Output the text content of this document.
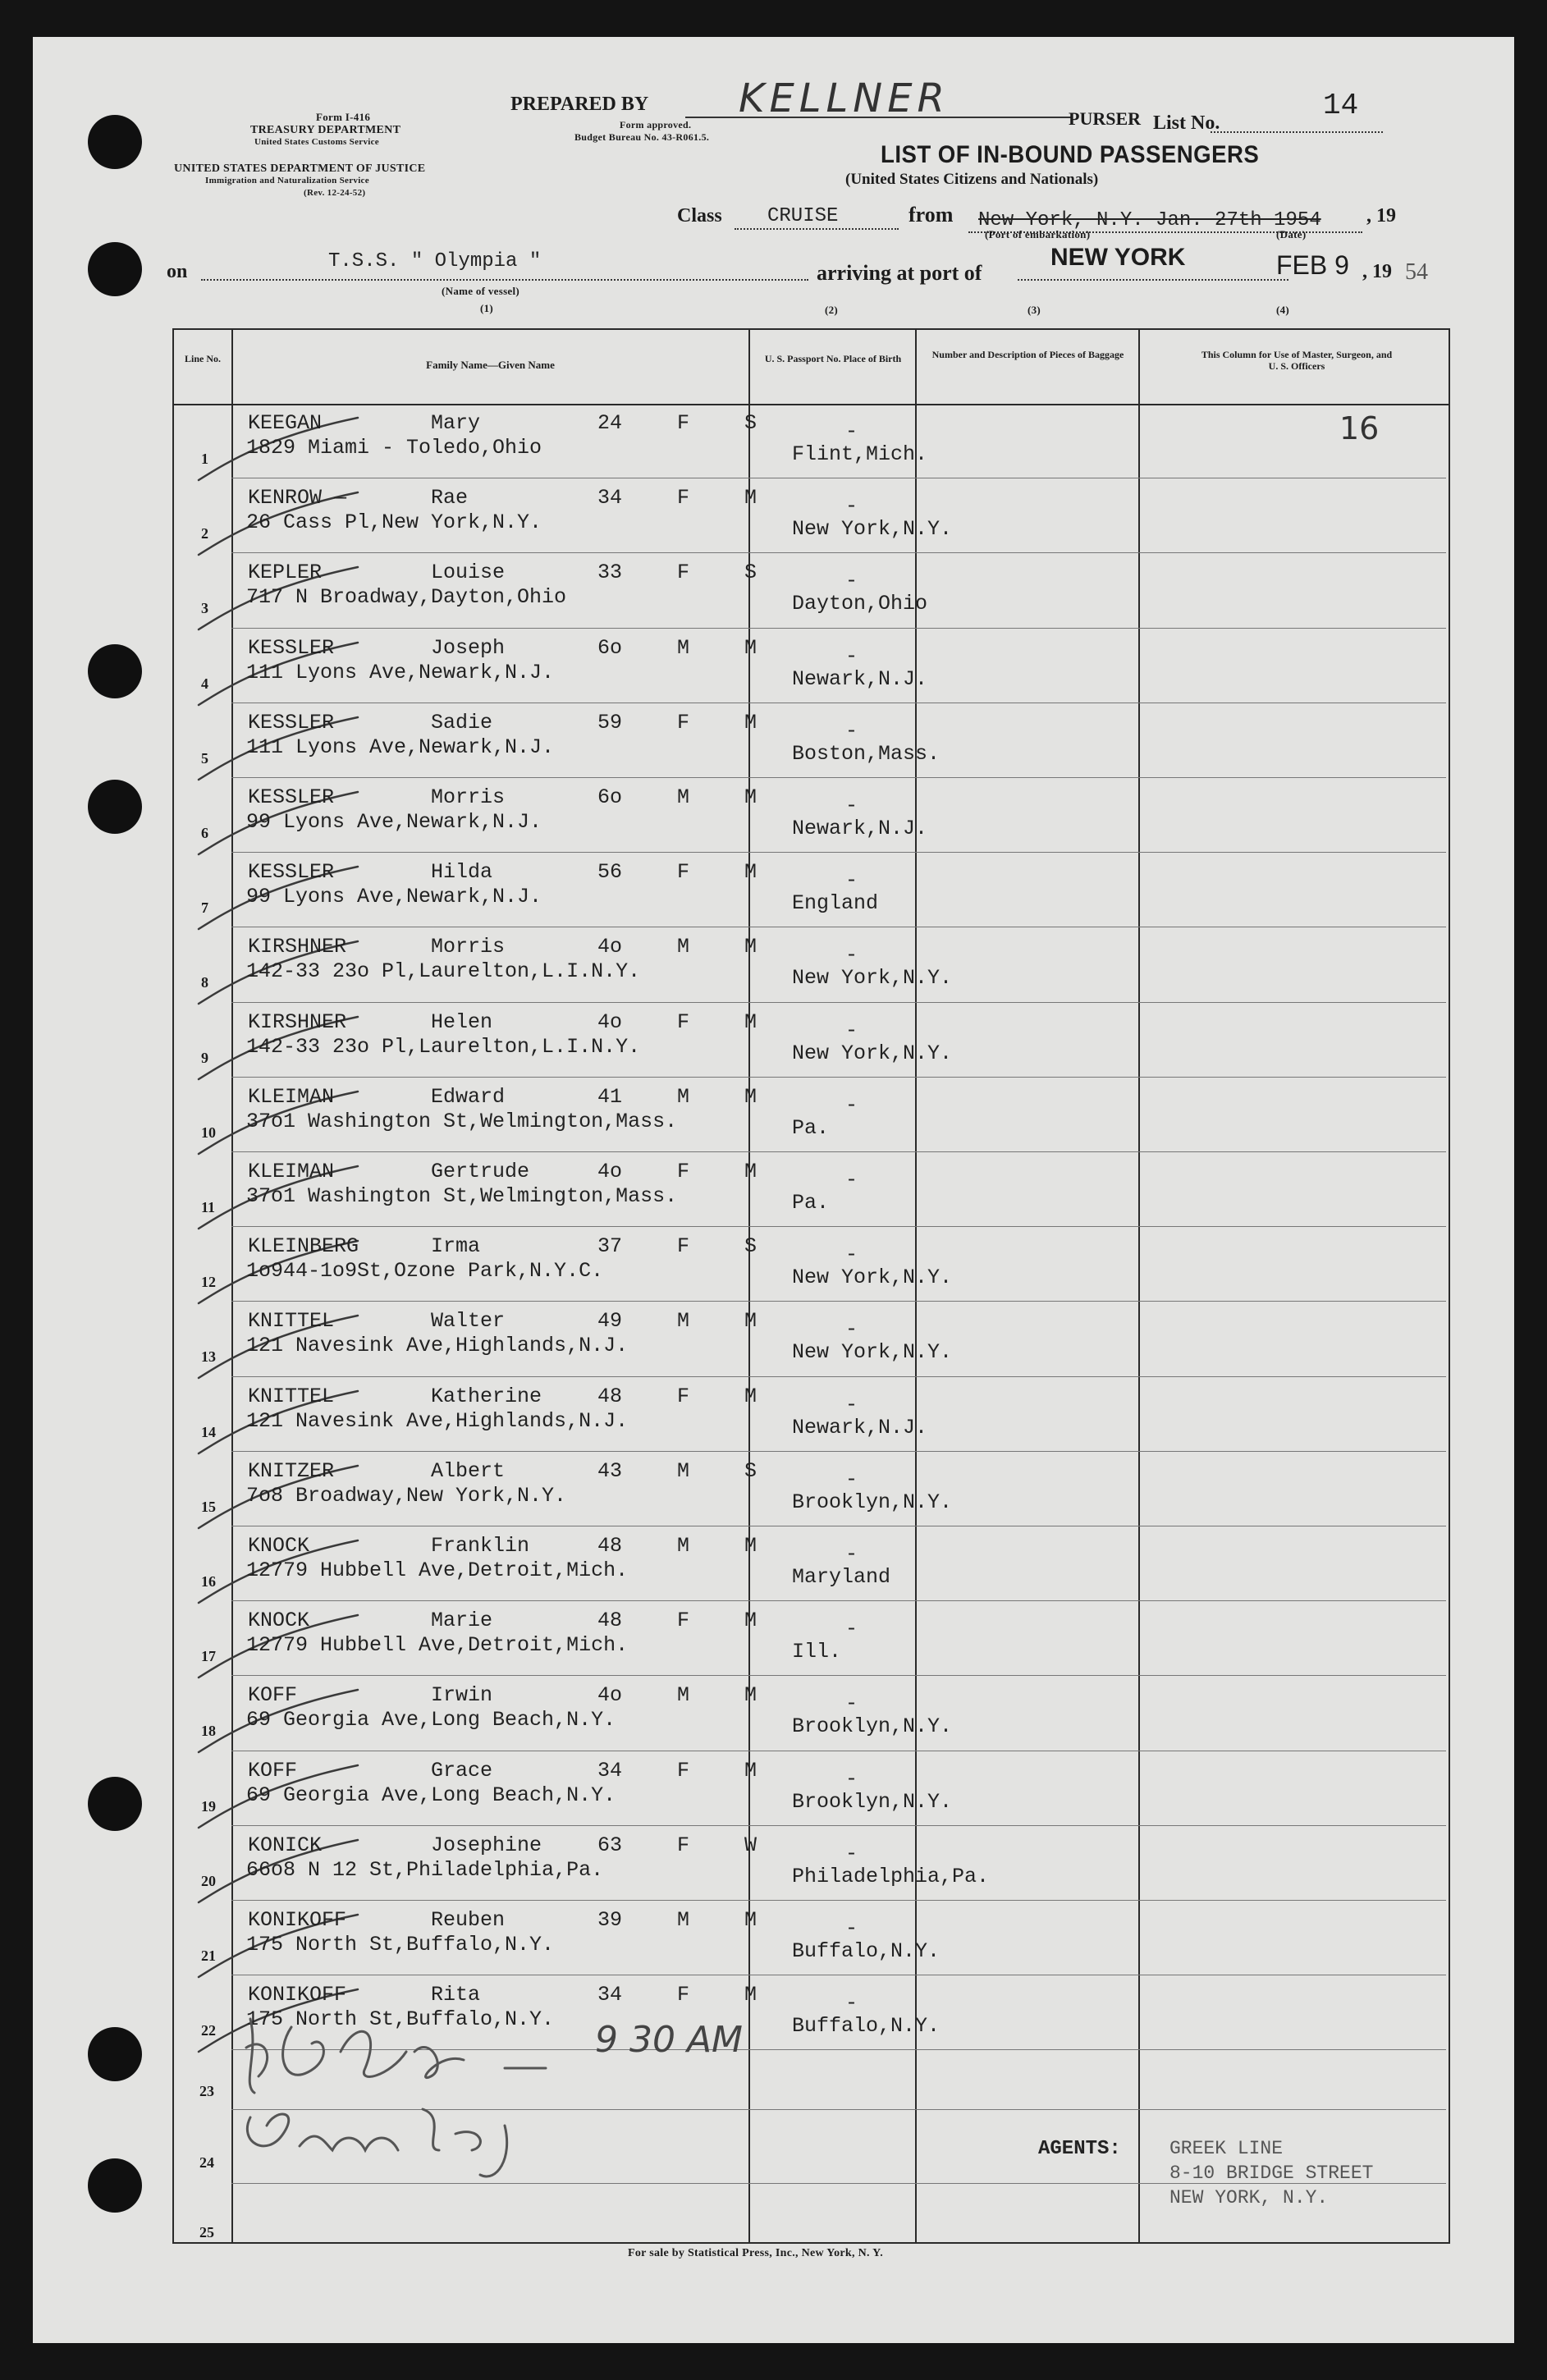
Form I-416
TREASURY DEPARTMENT
United States Customs Service
UNITED STATES DEPARTMENT OF JUSTICE
Immigration and Naturalization Service
(Rev. 12-24-52)
PREPARED BY KELLNER
Form approved.
Budget Bureau No. 43-R061.5.
PURSER List No.
14
LIST OF IN-BOUND PASSENGERS
(United States Citizens and Nationals)
Class CRUISE	from New York, N.Y. Jan. 27th 1954 , 19
(Port of embarkation)	(Date)
on	T.S.S. " Olympia "
(Name of vessel)
arriving at port of
NEW YORK	FEB 9 , 19 54
(1)	(2)	(3)	(4)
Line No.	Family Name—Given Name	U. S. Passport No. Place of Birth	Number and Description of Pieces of Baggage	This Column for Use of Master, Surgeon, and U. S. Officers
16
1
KEEGAN	Mary	24	F	S
1829 Miami - Toledo,Ohio
-
Flint,Mich.
2
KENROW —	Rae	34	F	M
26 Cass Pl,New York,N.Y.
-
New York,N.Y.
3
KEPLER	Louise	33	F	S
717 N Broadway,Dayton,Ohio
-
Dayton,Ohio
4
KESSLER	Joseph	6o	M	M
111 Lyons Ave,Newark,N.J.
-
Newark,N.J.
5
KESSLER	Sadie	59	F	M
111 Lyons Ave,Newark,N.J.
-
Boston,Mass.
6
KESSLER	Morris	6o	M	M
99 Lyons Ave,Newark,N.J.
-
Newark,N.J.
7
KESSLER	Hilda	56	F	M
99 Lyons Ave,Newark,N.J.
-
England
8
KIRSHNER	Morris	4o	M	M
142-33 23o Pl,Laurelton,L.I.N.Y.
-
New York,N.Y.
9
KIRSHNER	Helen	4o	F	M
142-33 23o Pl,Laurelton,L.I.N.Y.
-
New York,N.Y.
10
KLEIMAN	Edward	41	M	M
37o1 Washington St,Welmington,Mass.
-
Pa.
11
KLEIMAN	Gertrude	4o	F	M
37o1 Washington St,Welmington,Mass.
-
Pa.
12
KLEINBERG	Irma	37	F	S
1o944-1o9St,Ozone Park,N.Y.C.
-
New York,N.Y.
13
KNITTEL	Walter	49	M	M
121 Navesink Ave,Highlands,N.J.
-
New York,N.Y.
14
KNITTEL	Katherine	48	F	M
121 Navesink Ave,Highlands,N.J.
-
Newark,N.J.
15
KNITZER	Albert	43	M	S
7o8 Broadway,New York,N.Y.
-
Brooklyn,N.Y.
16
KNOCK	Franklin	48	M	M
12779 Hubbell Ave,Detroit,Mich.
-
Maryland
17
KNOCK	Marie	48	F	M
12779 Hubbell Ave,Detroit,Mich.
-
Ill.
18
KOFF	Irwin	4o	M	M
69 Georgia Ave,Long Beach,N.Y.
-
Brooklyn,N.Y.
19
KOFF	Grace	34	F	M
69 Georgia Ave,Long Beach,N.Y.
-
Brooklyn,N.Y.
20
KONICK	Josephine	63	F	W
66o8 N 12 St,Philadelphia,Pa.
-
Philadelphia,Pa.
21
KONIKOFF	Reuben	39	M	M
175 North St,Buffalo,N.Y.
-
Buffalo,N.Y.
22
KONIKOFF	Rita	34	F	M
175 North St,Buffalo,N.Y.
-
Buffalo,N.Y.
23
24
25
9 30 AM
AGENTS:	GREEK LINE
8-10 BRIDGE STREET
NEW YORK, N.Y.
For sale by Statistical Press, Inc., New York, N. Y.
